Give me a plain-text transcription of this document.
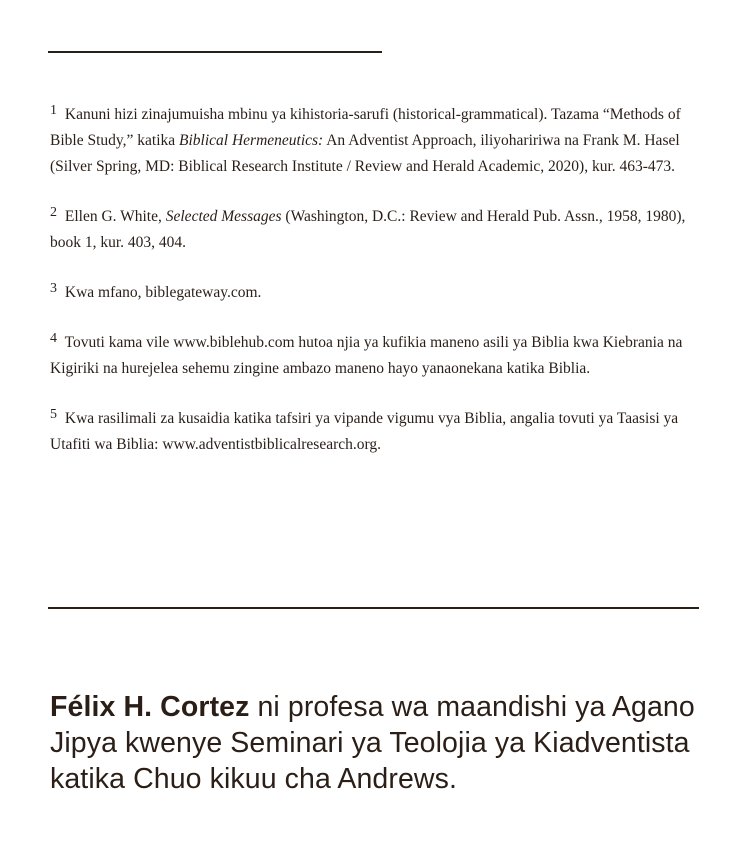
$^1$ Kanuni hizi zinajumuisha mbinu ya kihistoria-sarufi (historical-grammatical). Tazama “Methods of Bible Study,” katika Biblical Hermeneutics: An Adventist Approach, iliyohaririwa na Frank M. Hasel (Silver Spring, MD: Biblical Research Institute / Review and Herald Academic, 2020), kur. 463-473.

$^2$ Ellen G. White, Selected Messages (Washington, D.C.: Review and Herald Pub. Assn., 1958, 1980), book 1, kur. 403, 404.

$^3$ Kwa mfano, biblegateway.com.

$^4$ Tovuti kama vile www.biblehub.com hutoa njia ya kufikia maneno asili ya Biblia kwa Kiebrania na Kigiriki na hurejelea sehemu zingine ambazo maneno hayo yanaonekana katika Biblia.

$^5$ Kwa rasilimali za kusaidia katika tafsiri ya vipande vigumu vya Biblia, angalia tovuti ya Taasisi ya Utafiti wa Biblia: www.adventistbiblicalresearch.org.

Félix H. Cortez ni profesa wa maandishi ya Agano Jipya kwenye Seminari ya Teolojia ya Kiadventista katika Chuo kikuu cha Andrews.
